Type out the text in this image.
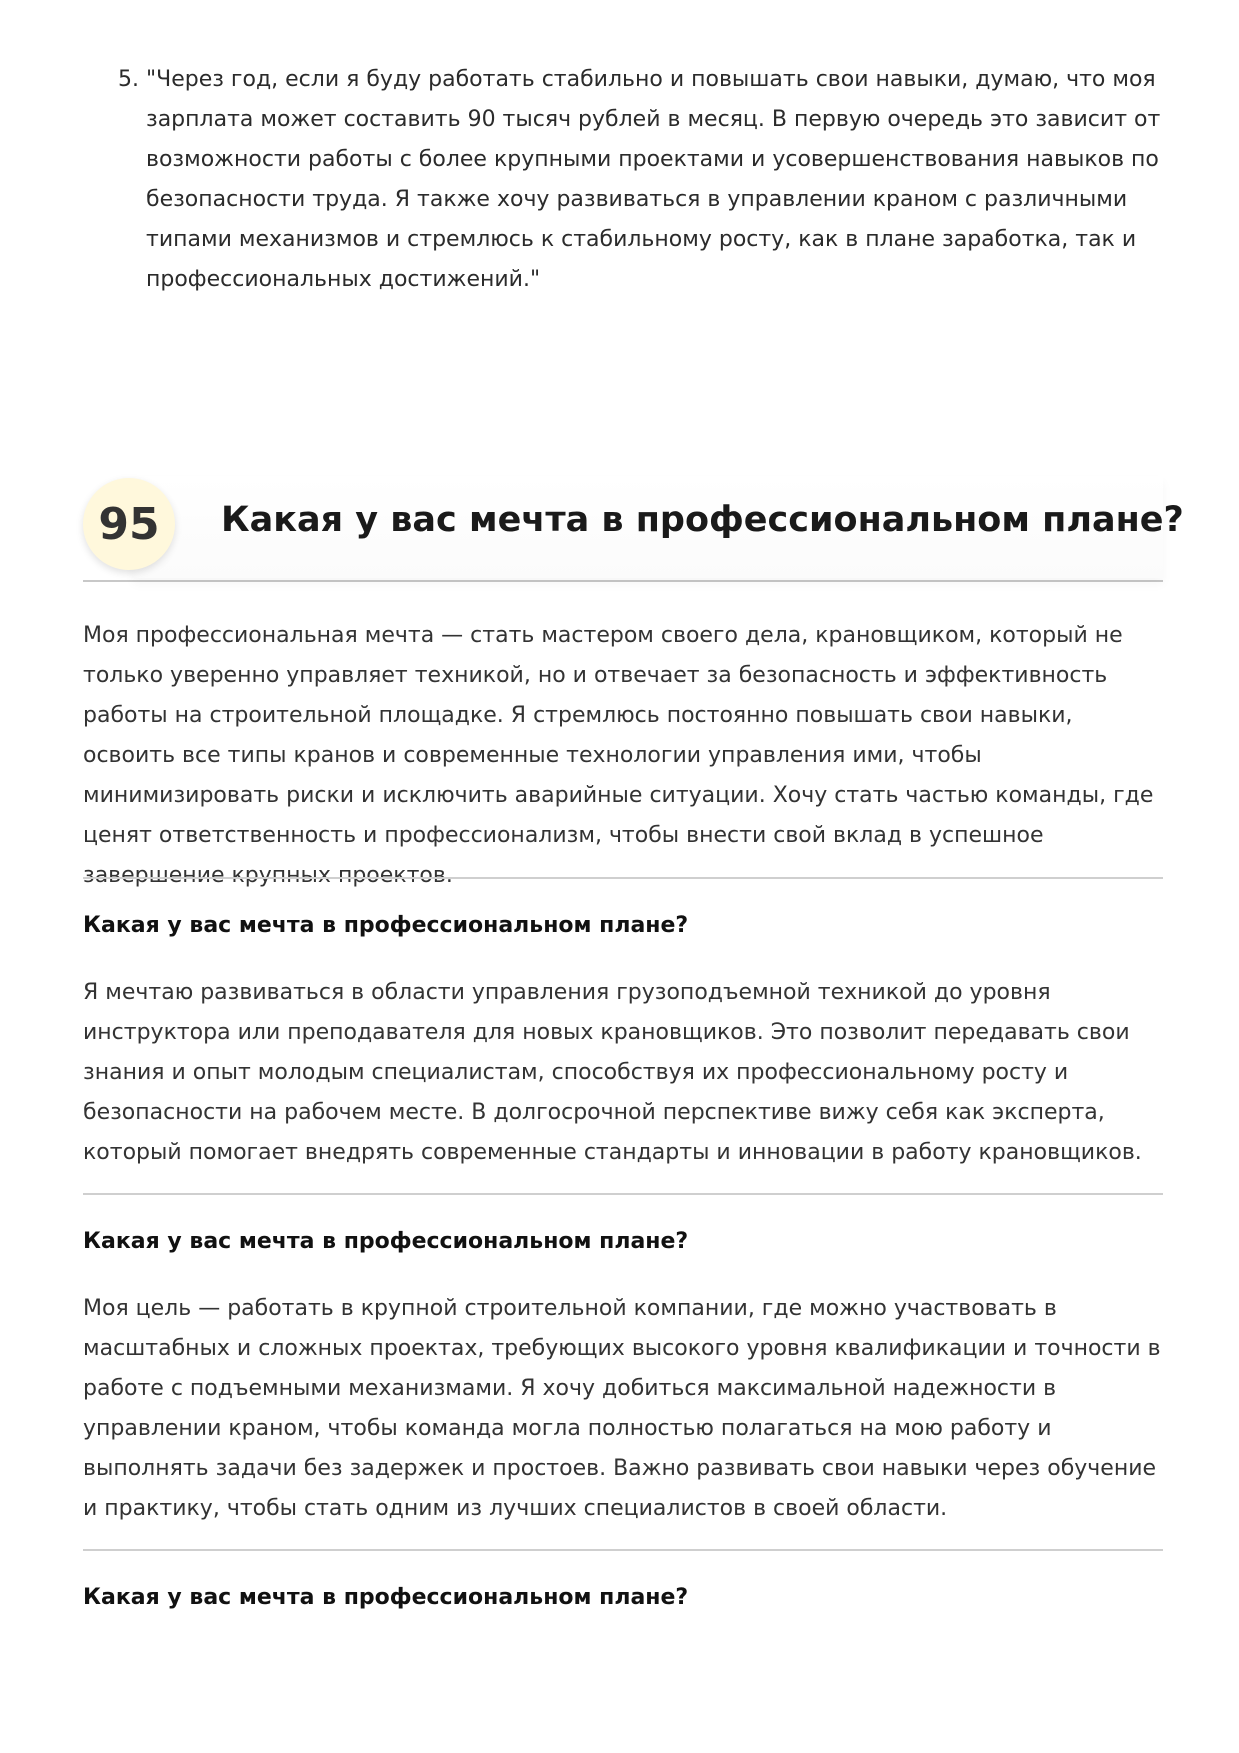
5. "Через год, если я буду работать стабильно и повышать свои навыки, думаю, что моя зарплата может составить 90 тысяч рублей в месяц. В первую очередь это зависит от возможности работы с более крупными проектами и усовершенствования навыков по безопасности труда. Я также хочу развиваться в управлении краном с различными типами механизмов и стремлюсь к стабильному росту, как в плане заработка, так и профессиональных достижений."
95	Какая у вас мечта в профессиональном плане?
Моя профессиональная мечта — стать мастером своего дела, крановщиком, который не только уверенно управляет техникой, но и отвечает за безопасность и эффективность работы на строительной площадке. Я стремлюсь постоянно повышать свои навыки, освоить все типы кранов и современные технологии управления ими, чтобы минимизировать риски и исключить аварийные ситуации. Хочу стать частью команды, где ценят ответственность и профессионализм, чтобы внести свой вклад в успешное завершение крупных проектов.
Какая у вас мечта в профессиональном плане?
Я мечтаю развиваться в области управления грузоподъемной техникой до уровня инструктора или преподавателя для новых крановщиков. Это позволит передавать свои знания и опыт молодым специалистам, способствуя их профессиональному росту и безопасности на рабочем месте. В долгосрочной перспективе вижу себя как эксперта, который помогает внедрять современные стандарты и инновации в работу крановщиков.
Какая у вас мечта в профессиональном плане?
Моя цель — работать в крупной строительной компании, где можно участвовать в масштабных и сложных проектах, требующих высокого уровня квалификации и точности в работе с подъемными механизмами. Я хочу добиться максимальной надежности в управлении краном, чтобы команда могла полностью полагаться на мою работу и выполнять задачи без задержек и простоев. Важно развивать свои навыки через обучение и практику, чтобы стать одним из лучших специалистов в своей области.
Какая у вас мечта в профессиональном плане?
